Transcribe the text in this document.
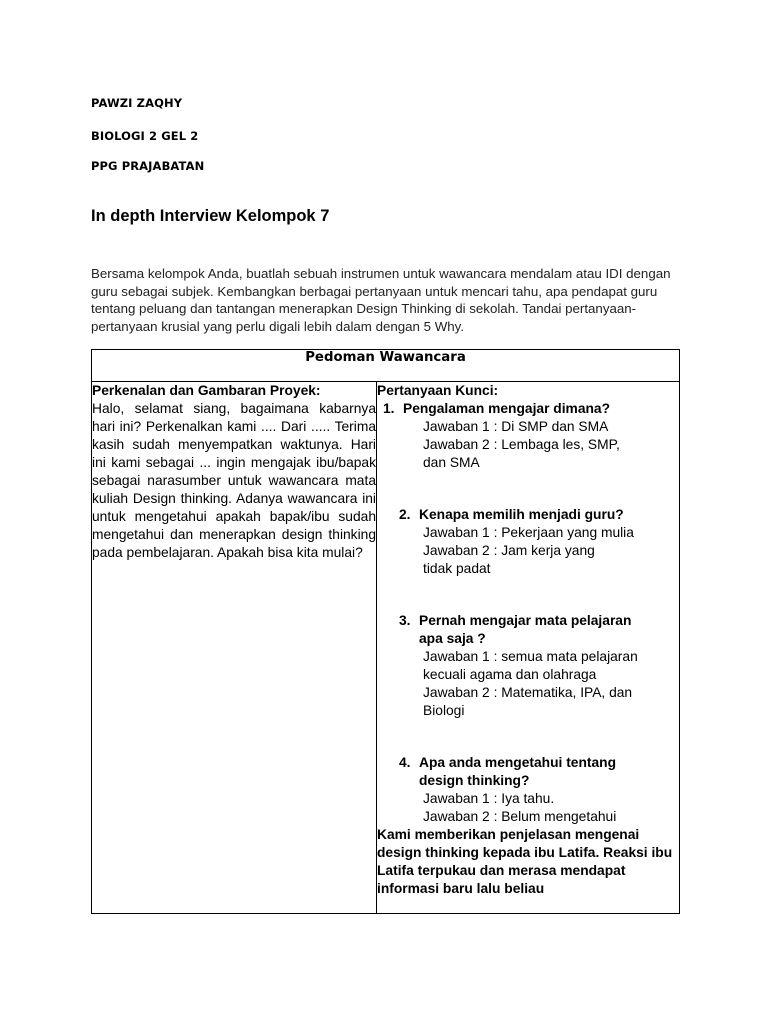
PAWZI ZAQHY
BIOLOGI 2 GEL 2
PPG PRAJABATAN
In depth Interview Kelompok 7
Bersama kelompok Anda, buatlah sebuah instrumen untuk wawancara mendalam atau IDI dengan guru sebagai subjek. Kembangkan berbagai pertanyaan untuk mencari tahu, apa pendapat guru tentang peluang dan tantangan menerapkan Design Thinking di sekolah. Tandai pertanyaan- pertanyaan krusial yang perlu digali lebih dalam dengan 5 Why.
Pedoman Wawancara

Perkenalan dan Gambaran Proyek:
Halo, selamat siang, bagaimana kabarnya hari ini? Perkenalkan kami .... Dari ..... Terima kasih sudah menyempatkan waktunya. Hari ini kami sebagai ... ingin mengajak ibu/bapak sebagai narasumber untuk wawancara mata kuliah Design thinking. Adanya wawancara ini untuk mengetahui apakah bapak/ibu sudah mengetahui dan menerapkan design thinking pada pembelajaran. Apakah bisa kita mulai?

Pertanyaan Kunci:
1. Pengalaman mengajar dimana?
Jawaban 1 : Di SMP dan SMA
Jawaban 2 : Lembaga les, SMP, dan SMA
2. Kenapa memilih menjadi guru?
Jawaban 1 : Pekerjaan yang mulia
Jawaban 2 : Jam kerja yang tidak padat
3. Pernah mengajar mata pelajaran apa saja ?
Jawaban 1 : semua mata pelajaran kecuali agama dan olahraga
Jawaban 2 : Matematika, IPA, dan Biologi
4. Apa anda mengetahui tentang design thinking?
Jawaban 1 : Iya tahu.
Jawaban 2 : Belum mengetahui
Kami memberikan penjelasan mengenai design thinking kepada ibu Latifa. Reaksi ibu Latifa terpukau dan merasa mendapat informasi baru lalu beliau
